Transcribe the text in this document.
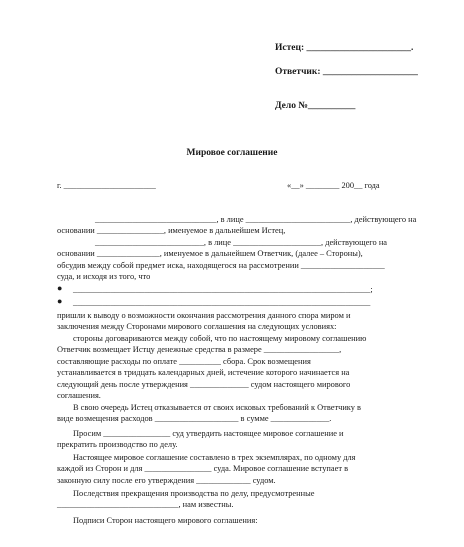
Истец: ______________________.
Ответчик: ____________________
Дело №__________
Мировое соглашение
г. ______________________	«__» ________ 200__ года
_____________________________, в лице _________________________, действующего на
основании ________________, именуемое в дальнейшем Истец,
__________________________, в лице _____________________, действующего на
основании _______________, именуемое в дальнейшем Ответчик, (далее – Стороны),
обсудив между собой предмет иска, находящегося на рассмотрении ____________________
суда, и исходя из того, что
● _______________________________________________________________________;
● _______________________________________________________________________
пришли к выводу о возможности окончания рассмотрения данного спора миром и
заключения между Сторонами мирового соглашения на следующих условиях:
стороны договариваются между собой, что по настоящему мировому соглашению
Ответчик возмещает Истцу денежные средства в размере __________________,
составляющие расходы по оплате __________ сбора. Срок возмещения
устанавливается в тридцать календарных дней, истечение которого начинается на
следующий день после утверждения ______________ судом настоящего мирового
соглашения.
В свою очередь Истец отказывается от своих исковых требований к Ответчику в
виде возмещения расходов ____________________ в сумме ______________.
Просим ________________ суд утвердить настоящее мировое соглашение и
прекратить производство по делу.
Настоящее мировое соглашение составлено в трех экземплярах, по одному для
каждой из Сторон и для ________________ суда. Мировое соглашение вступает в
законную силу после его утверждения _____________ судом.
Последствия прекращения производства по делу, предусмотренные
_____________________________, нам известны.
Подписи Сторон настоящего мирового соглашения:
